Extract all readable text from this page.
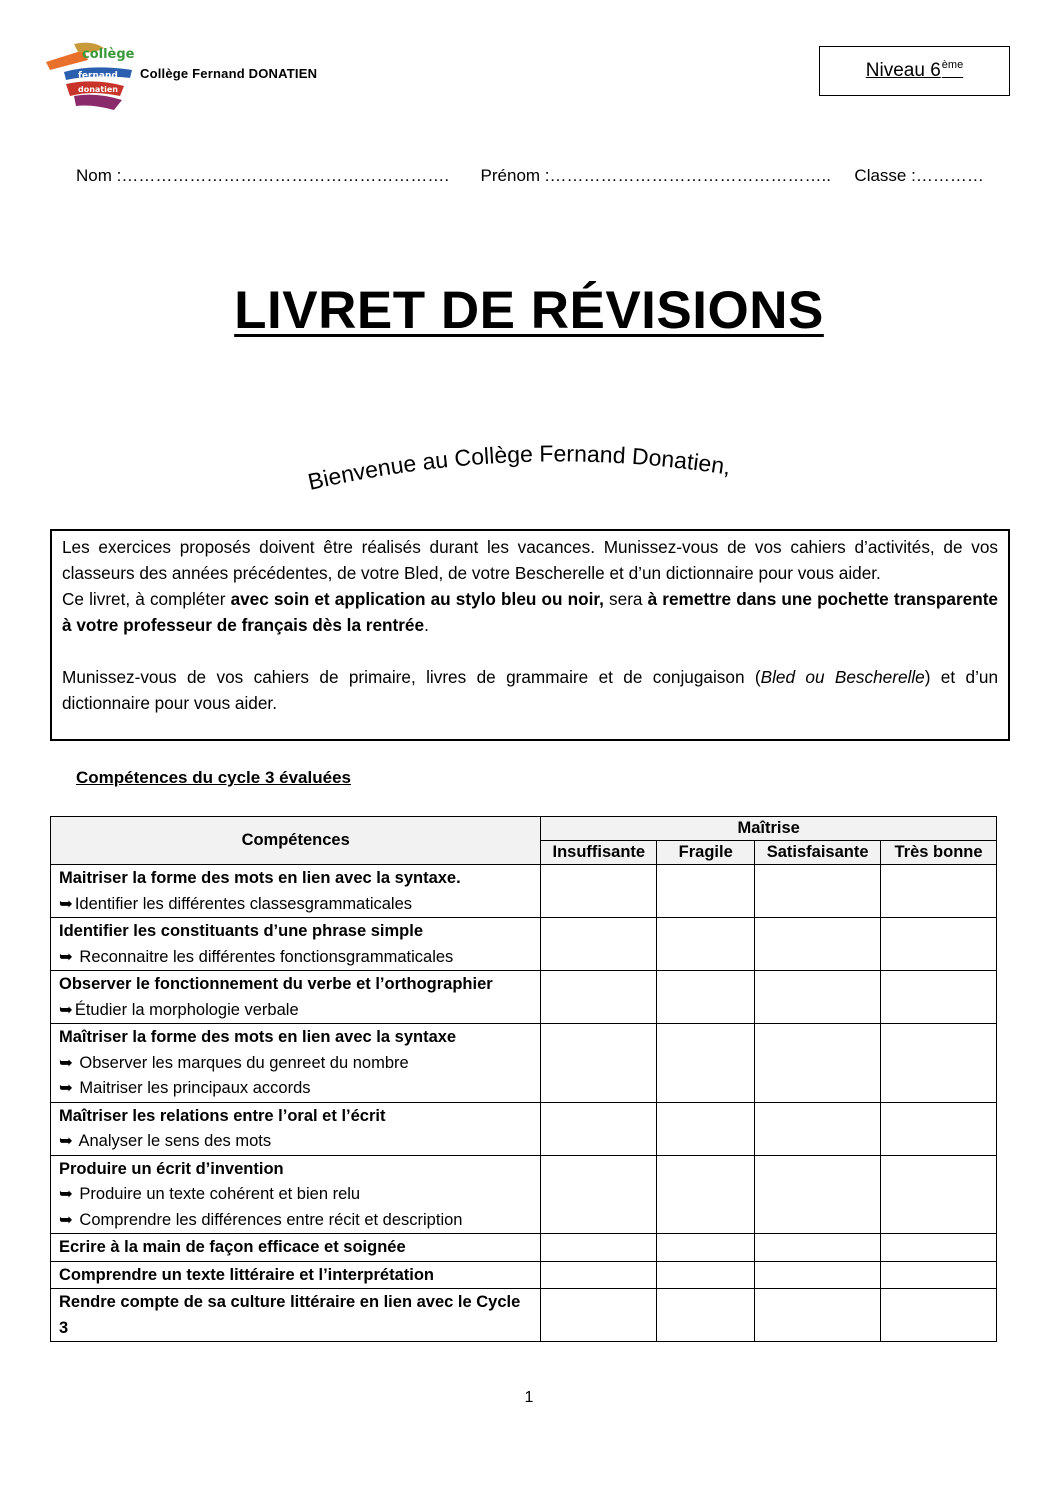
collège
fernand
donatien
Collège Fernand DONATIEN	Niveau 6ème
Nom :…………………………………………………. Prénom :………………………………………….. Classe :…………
LIVRET DE RÉVISIONS
Bienvenue au Collège Fernand Donatien,

Les exercices proposés doivent être réalisés durant les vacances. Munissez-vous de vos cahiers d’activités, de vos classeurs des années précédentes, de votre Bled, de votre Bescherelle et d’un dictionnaire pour vous aider.

Ce livret, à compléter avec soin et application au stylo bleu ou noir, sera à remettre dans une pochette transparente à votre professeur de français dès la rentrée.

Munissez-vous de vos cahiers de primaire, livres de grammaire et de conjugaison (Bled ou Bescherelle) et d’un dictionnaire pour vous aider.

Compétences du cycle 3 évaluées
Compétences	Maîtrise			
	Insuffisante	Fragile	Satisfaisante	Très bonne

Maitriser la forme des mots en lien avec la syntaxe.
➥ Identifier les différentes classesgrammaticales				

Identifier les constituants d’une phrase simple
➥ Reconnaitre les différentes fonctionsgrammaticales				

Observer le fonctionnement du verbe et l’orthographier
➥ Étudier la morphologie verbale				

Maîtriser la forme des mots en lien avec la syntaxe
➥ Observer les marques du genreet du nombre
➥ Maitriser les principaux accords				

Maîtriser les relations entre l’oral et l’écrit
➥ Analyser le sens des mots				

Produire un écrit d’invention
➥ Produire un texte cohérent et bien relu
➥ Comprendre les différences entre récit et description				

Ecrire à la main de façon efficace et soignée				

Comprendre un texte littéraire et l’interprétation				

Rendre compte de sa culture littéraire en lien avec le Cycle 3				

1
